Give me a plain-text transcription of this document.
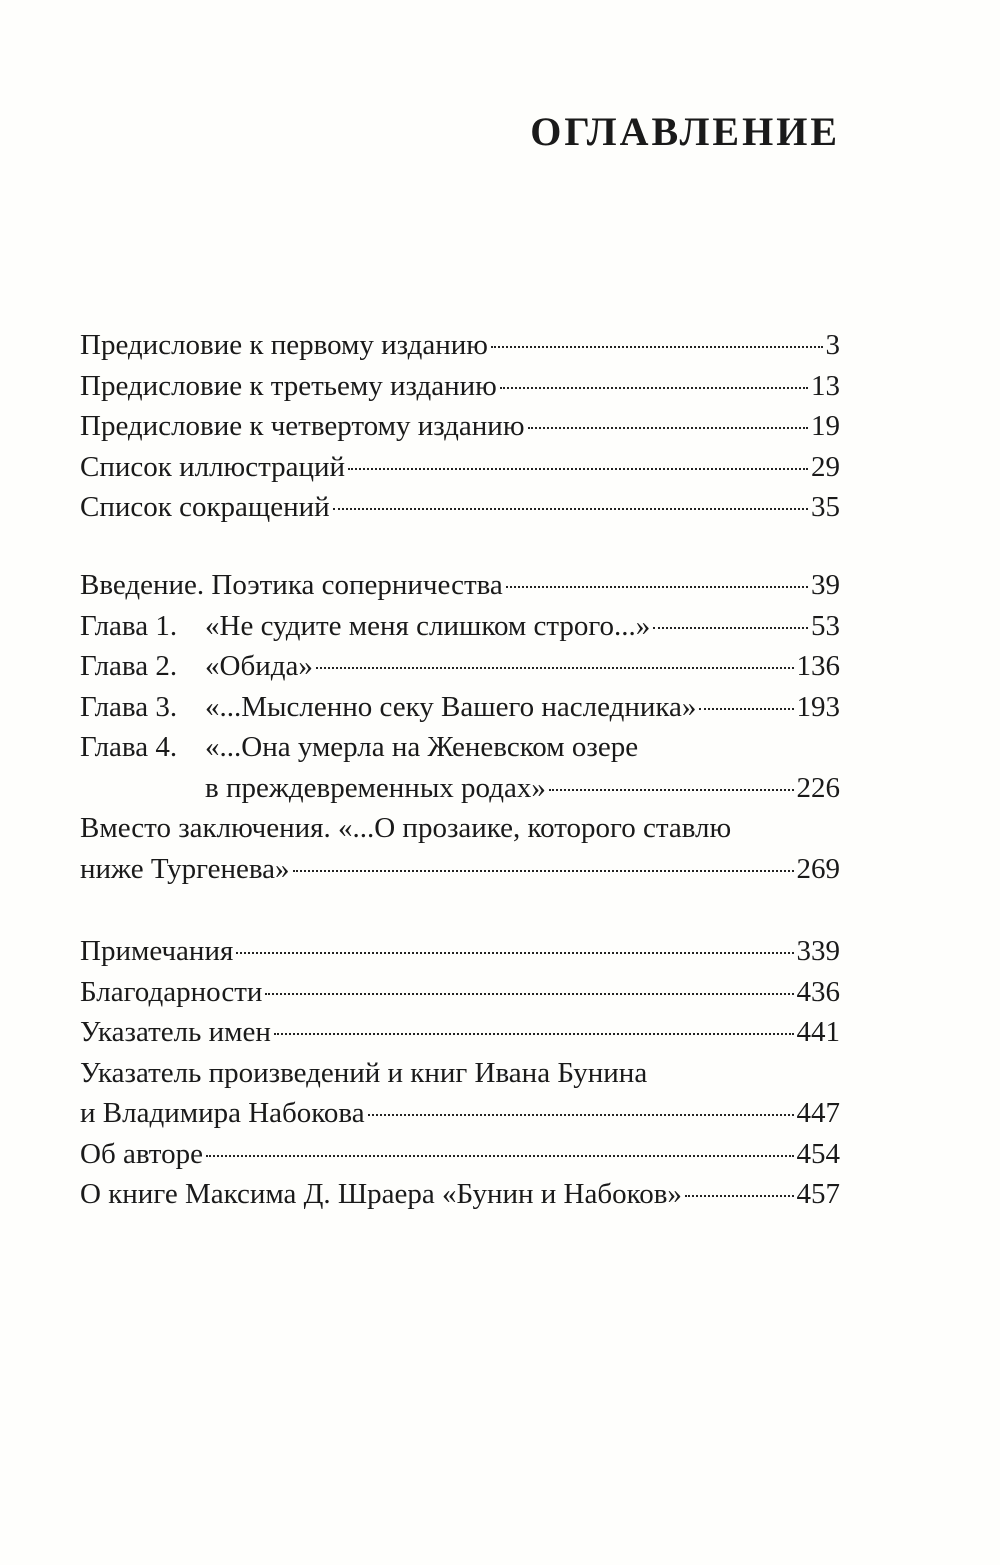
ОГЛАВЛЕНИЕ
Предисловие к первому изданию	3
Предисловие к третьему изданию	13
Предисловие к четвертому изданию	19
Список иллюстраций	29
Список сокращений	35
Введение. Поэтика соперничества	39
Глава 1. «Не судите меня слишком строго...»	53
Глава 2. «Обида»	136
Глава 3. «...Мысленно секу Вашего наследника»	193
Глава 4. «...Она умерла на Женевском озере
в преждевременных родах»	226
Вместо заключения. «...О прозаике, которого ставлю
ниже Тургенева»	269
Примечания	339
Благодарности	436
Указатель имен	441
Указатель произведений и книг Ивана Бунина
и Владимира Набокова	447
Об авторе	454
О книге Максима Д. Шраера «Бунин и Набоков»	457
